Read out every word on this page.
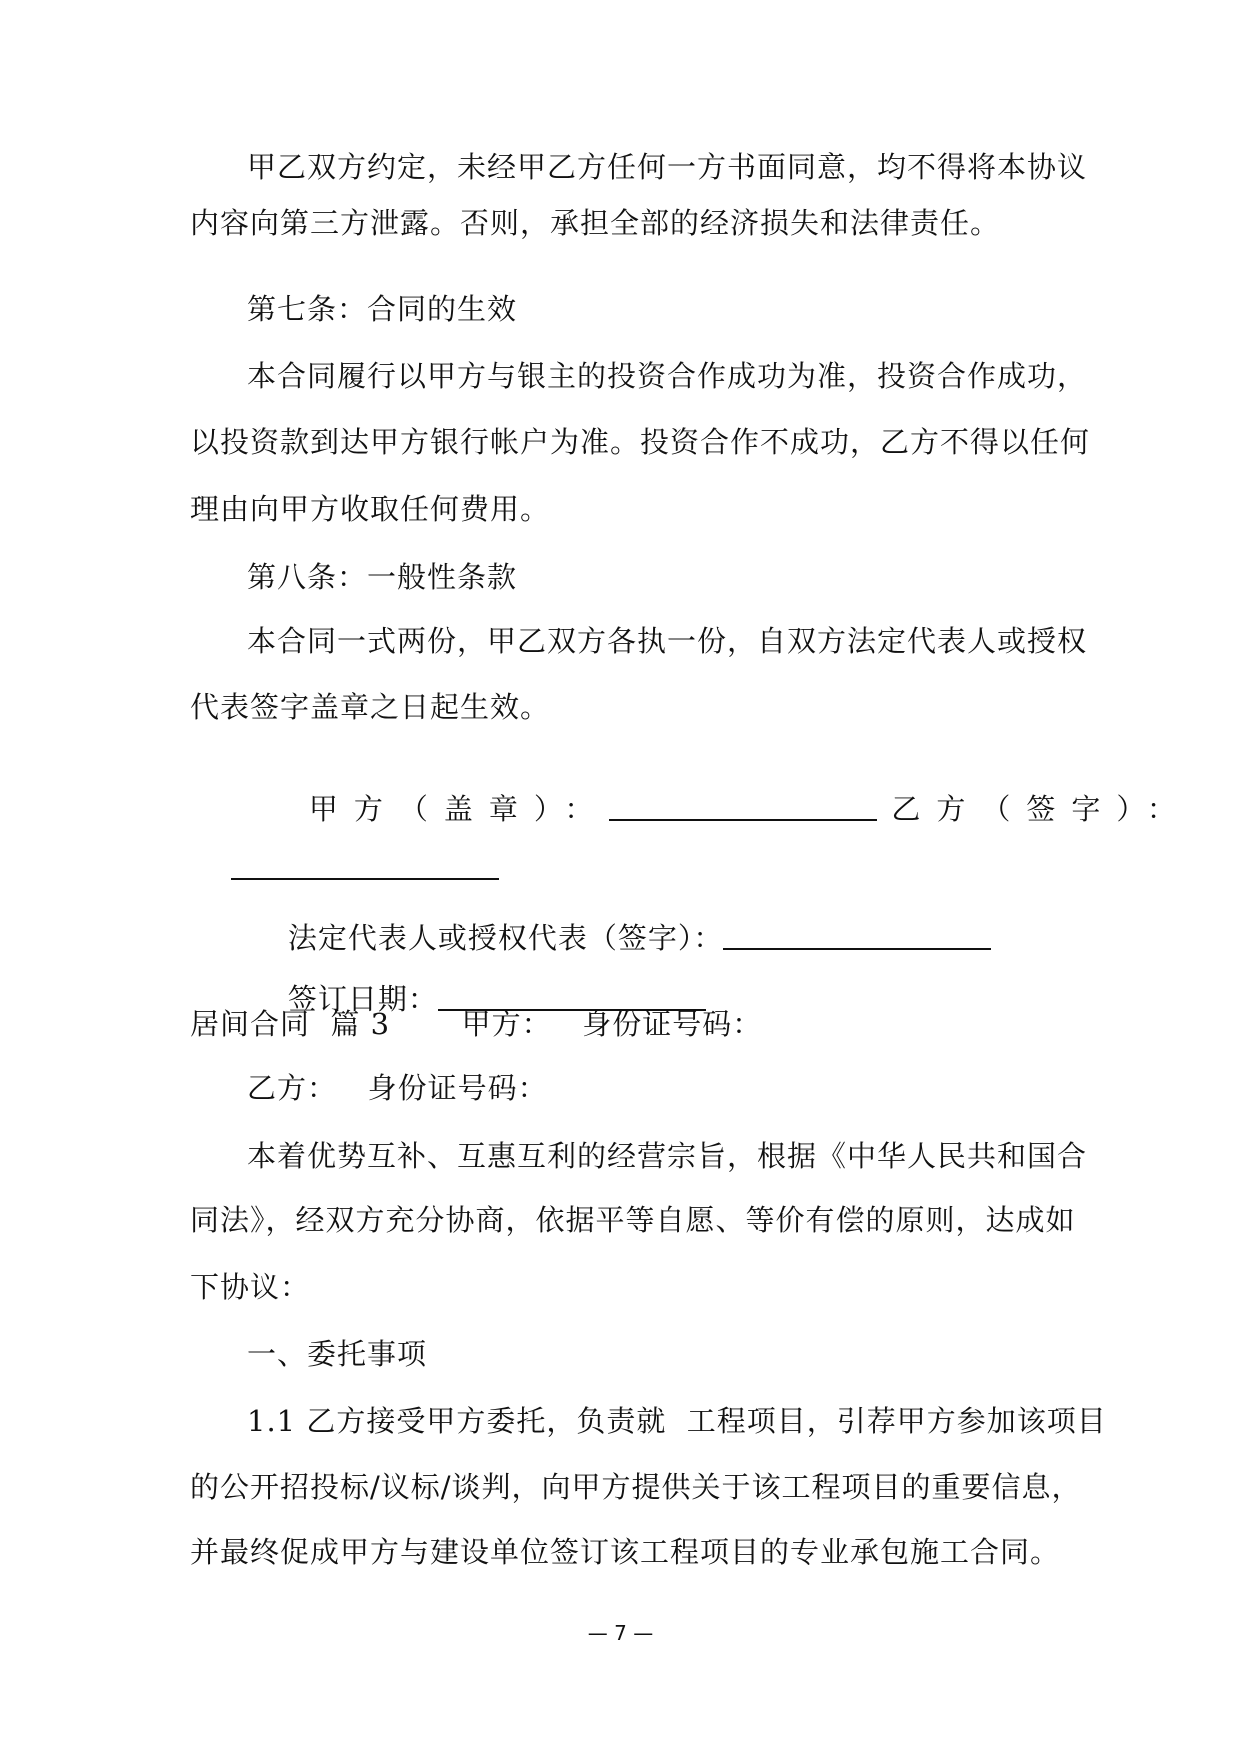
甲乙双方约定，未经甲乙方任何一方书面同意，均不得将本协议
内容向第三方泄露。否则，承担全部的经济损失和法律责任。
第七条：合同的生效
本合同履行以甲方与银主的投资合作成功为准，投资合作成功，
以投资款到达甲方银行帐户为准。投资合作不成功，乙方不得以任何
理由向甲方收取任何费用。
第八条：一般性条款
本合同一式两份，甲乙双方各执一份，自双方法定代表人或授权
代表签字盖章之日起生效。

甲方（盖章）：	乙方（签字）：

法定代表人或授权代表（签字）：

签订日期：

居间合同  篇 3       甲方：   身份证号码：
乙方：   身份证号码：
本着优势互补、互惠互利的经营宗旨，根据《中华人民共和国合
同法》，经双方充分协商，依据平等自愿、等价有偿的原则，达成如
下协议：
一、委托事项
1.1 乙方接受甲方委托，负责就  工程项目，引荐甲方参加该项目
的公开招投标/议标/谈判，向甲方提供关于该工程项目的重要信息，
并最终促成甲方与建设单位签订该工程项目的专业承包施工合同。
— 7 —
